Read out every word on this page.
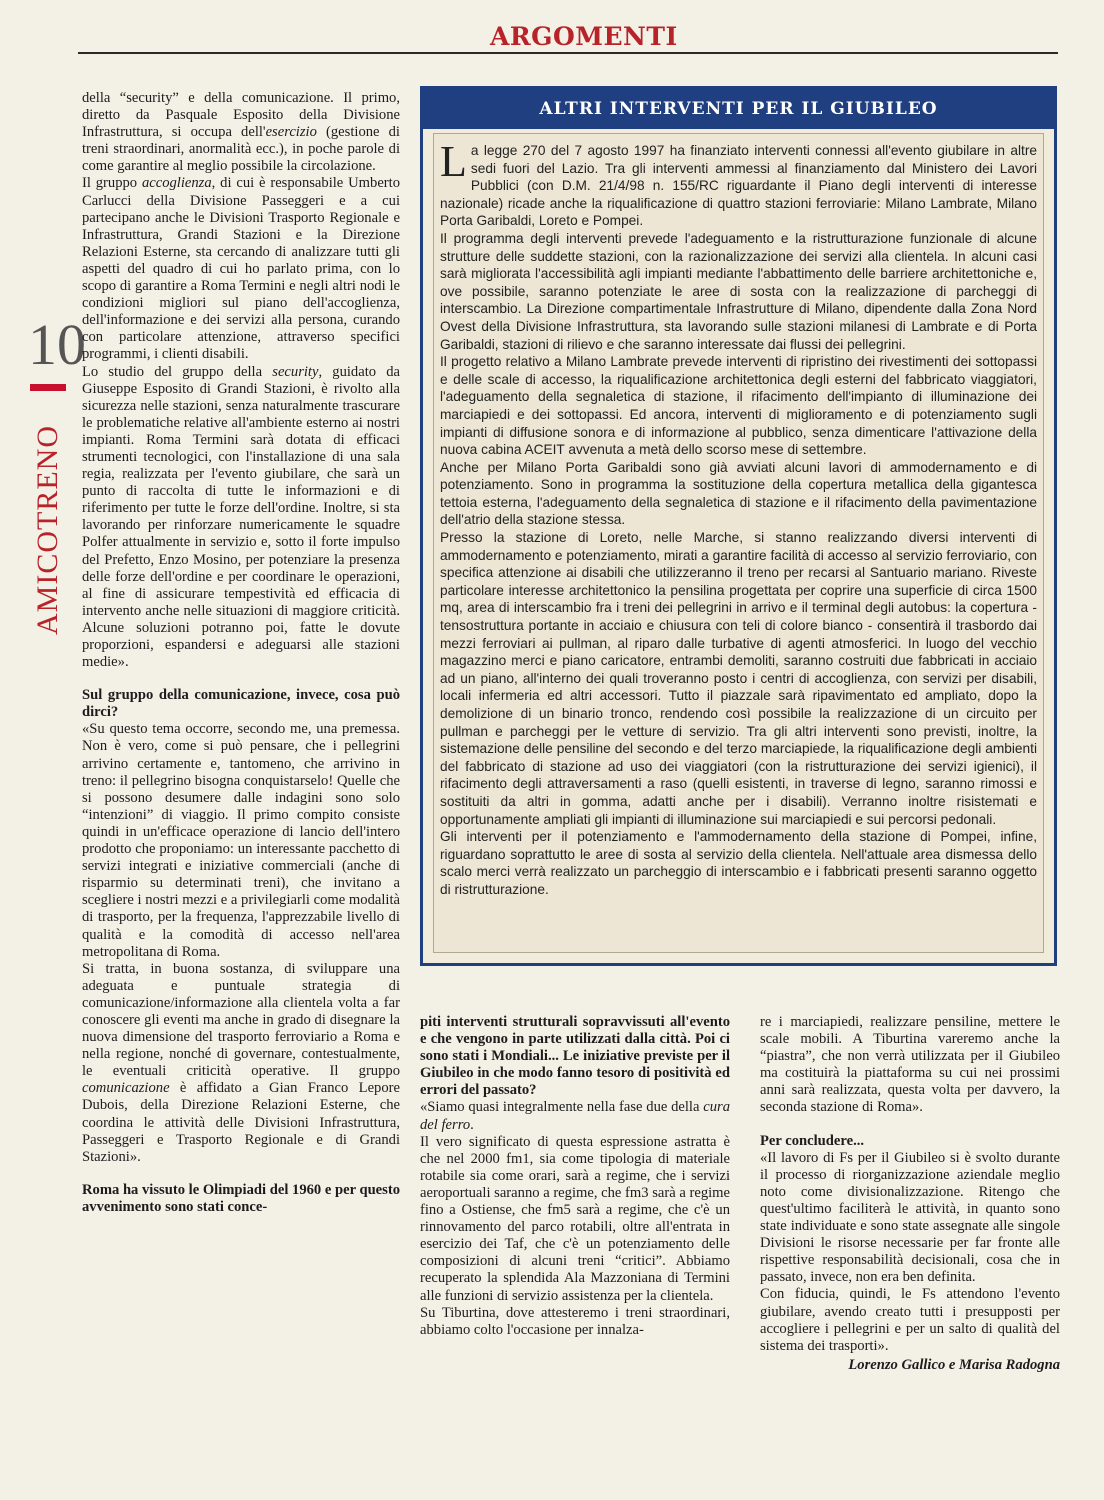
ARGOMENTI
10
AMICOTRENO

della “security” e della comunicazione. Il primo, diretto da Pasquale Esposito della Divisione Infrastruttura, si occupa dell'esercizio (gestione di treni straordinari, anormalità ecc.), in poche parole di come garantire al meglio possibile la circolazione.

Il gruppo accoglienza, di cui è responsabile Umberto Carlucci della Divisione Passeggeri e a cui partecipano anche le Divisioni Trasporto Regionale e Infrastruttura, Grandi Stazioni e la Direzione Relazioni Esterne, sta cercando di analizzare tutti gli aspetti del quadro di cui ho parlato prima, con lo scopo di garantire a Roma Termini e negli altri nodi le condizioni migliori sul piano dell'accoglienza, dell'informazione e dei servizi alla persona, curando con particolare attenzione, attraverso specifici programmi, i clienti disabili.

Lo studio del gruppo della security, guidato da Giuseppe Esposito di Grandi Stazioni, è rivolto alla sicurezza nelle stazioni, senza naturalmente trascurare le problematiche relative all'ambiente esterno ai nostri impianti. Roma Termini sarà dotata di efficaci strumenti tecnologici, con l'installazione di una sala regia, realizzata per l'evento giubilare, che sarà un punto di raccolta di tutte le informazioni e di riferimento per tutte le forze dell'ordine. Inoltre, si sta lavorando per rinforzare numericamente le squadre Polfer attualmente in servizio e, sotto il forte impulso del Prefetto, Enzo Mosino, per potenziare la presenza delle forze dell'ordine e per coordinare le operazioni, al fine di assicurare tempestività ed efficacia di intervento anche nelle situazioni di maggiore criticità. Alcune soluzioni potranno poi, fatte le dovute proporzioni, espandersi e adeguarsi alle stazioni medie».

Sul gruppo della comunicazione, invece, cosa può dirci?

«Su questo tema occorre, secondo me, una premessa. Non è vero, come si può pensare, che i pellegrini arrivino certamente e, tantomeno, che arrivino in treno: il pellegrino bisogna conquistarselo! Quelle che si possono desumere dalle indagini sono solo “intenzioni” di viaggio. Il primo compito consiste quindi in un'efficace operazione di lancio dell'intero prodotto che proponiamo: un interessante pacchetto di servizi integrati e iniziative commerciali (anche di risparmio su determinati treni), che invitano a scegliere i nostri mezzi e a privilegiarli come modalità di trasporto, per la frequenza, l'apprezzabile livello di qualità e la comodità di accesso nell'area metropolitana di Roma.

Si tratta, in buona sostanza, di sviluppare una adeguata e puntuale strategia di comunicazione/informazione alla clientela volta a far conoscere gli eventi ma anche in grado di disegnare la nuova dimensione del trasporto ferroviario a Roma e nella regione, nonché di governare, contestualmente, le eventuali criticità operative. Il gruppo comunicazione è affidato a Gian Franco Lepore Dubois, della Direzione Relazioni Esterne, che coordina le attività delle Divisioni Infrastruttura, Passeggeri e Trasporto Regionale e di Grandi Stazioni».

Roma ha vissuto le Olimpiadi del 1960 e per questo avvenimento sono stati conce-

ALTRI INTERVENTI PER IL GIUBILEO

La legge 270 del 7 agosto 1997 ha finanziato interventi connessi all'evento giubilare in altre sedi fuori del Lazio. Tra gli interventi ammessi al finanziamento dal Ministero dei Lavori Pubblici (con D.M. 21/4/98 n. 155/RC riguardante il Piano degli interventi di interesse nazionale) ricade anche la riqualificazione di quattro stazioni ferroviarie: Milano Lambrate, Milano Porta Garibaldi, Loreto e Pompei.

Il programma degli interventi prevede l'adeguamento e la ristrutturazione funzionale di alcune strutture delle suddette stazioni, con la razionalizzazione dei servizi alla clientela. In alcuni casi sarà migliorata l'accessibilità agli impianti mediante l'abbattimento delle barriere architettoniche e, ove possibile, saranno potenziate le aree di sosta con la realizzazione di parcheggi di interscambio. La Direzione compartimentale Infrastrutture di Milano, dipendente dalla Zona Nord Ovest della Divisione Infrastruttura, sta lavorando sulle stazioni milanesi di Lambrate e di Porta Garibaldi, stazioni di rilievo e che saranno interessate dai flussi dei pellegrini.

Il progetto relativo a Milano Lambrate prevede interventi di ripristino dei rivestimenti dei sottopassi e delle scale di accesso, la riqualificazione architettonica degli esterni del fabbricato viaggiatori, l'adeguamento della segnaletica di stazione, il rifacimento dell'impianto di illuminazione dei marciapiedi e dei sottopassi. Ed ancora, interventi di miglioramento e di potenziamento sugli impianti di diffusione sonora e di informazione al pubblico, senza dimenticare l'attivazione della nuova cabina ACEIT avvenuta a metà dello scorso mese di settembre.

Anche per Milano Porta Garibaldi sono già avviati alcuni lavori di ammodernamento e di potenziamento. Sono in programma la sostituzione della copertura metallica della gigantesca tettoia esterna, l'adeguamento della segnaletica di stazione e il rifacimento della pavimentazione dell'atrio della stazione stessa.

Presso la stazione di Loreto, nelle Marche, si stanno realizzando diversi interventi di ammodernamento e potenziamento, mirati a garantire facilità di accesso al servizio ferroviario, con specifica attenzione ai disabili che utilizzeranno il treno per recarsi al Santuario mariano. Riveste particolare interesse architettonico la pensilina progettata per coprire una superficie di circa 1500 mq, area di interscambio fra i treni dei pellegrini in arrivo e il terminal degli autobus: la copertura - tensostruttura portante in acciaio e chiusura con teli di colore bianco - consentirà il trasbordo dai mezzi ferroviari ai pullman, al riparo dalle turbative di agenti atmosferici. In luogo del vecchio magazzino merci e piano caricatore, entrambi demoliti, saranno costruiti due fabbricati in acciaio ad un piano, all'interno dei quali troveranno posto i centri di accoglienza, con servizi per disabili, locali infermeria ed altri accessori. Tutto il piazzale sarà ripavimentato ed ampliato, dopo la demolizione di un binario tronco, rendendo così possibile la realizzazione di un circuito per pullman e parcheggi per le vetture di servizio. Tra gli altri interventi sono previsti, inoltre, la sistemazione delle pensiline del secondo e del terzo marciapiede, la riqualificazione degli ambienti del fabbricato di stazione ad uso dei viaggiatori (con la ristrutturazione dei servizi igienici), il rifacimento degli attraversamenti a raso (quelli esistenti, in traverse di legno, saranno rimossi e sostituiti da altri in gomma, adatti anche per i disabili). Verranno inoltre risistemati e opportunamente ampliati gli impianti di illuminazione sui marciapiedi e sui percorsi pedonali.

Gli interventi per il potenziamento e l'ammodernamento della stazione di Pompei, infine, riguardano soprattutto le aree di sosta al servizio della clientela. Nell'attuale area dismessa dello scalo merci verrà realizzato un parcheggio di interscambio e i fabbricati presenti saranno oggetto di ristrutturazione.

piti interventi strutturali sopravvissuti all'evento e che vengono in parte utilizzati dalla città. Poi ci sono stati i Mondiali... Le iniziative previste per il Giubileo in che modo fanno tesoro di positività ed errori del passato?

«Siamo quasi integralmente nella fase due della cura del ferro.

Il vero significato di questa espressione astratta è che nel 2000 fm1, sia come tipologia di materiale rotabile sia come orari, sarà a regime, che i servizi aeroportuali saranno a regime, che fm3 sarà a regime fino a Ostiense, che fm5 sarà a regime, che c'è un rinnovamento del parco rotabili, oltre all'entrata in esercizio dei Taf, che c'è un potenziamento delle composizioni di alcuni treni “critici”. Abbiamo recuperato la splendida Ala Mazzoniana di Termini alle funzioni di servizio assistenza per la clientela.

Su Tiburtina, dove attesteremo i treni straordinari, abbiamo colto l'occasione per innalza-

re i marciapiedi, realizzare pensiline, mettere le scale mobili. A Tiburtina vareremo anche la “piastra”, che non verrà utilizzata per il Giubileo ma costituirà la piattaforma su cui nei prossimi anni sarà realizzata, questa volta per davvero, la seconda stazione di Roma».

Per concludere...

«Il lavoro di Fs per il Giubileo si è svolto durante il processo di riorganizzazione aziendale meglio noto come divisionalizzazione. Ritengo che quest'ultimo faciliterà le attività, in quanto sono state individuate e sono state assegnate alle singole Divisioni le risorse necessarie per far fronte alle rispettive responsabilità decisionali, cosa che in passato, invece, non era ben definita.

Con fiducia, quindi, le Fs attendono l'evento giubilare, avendo creato tutti i presupposti per accogliere i pellegrini e per un salto di qualità del sistema dei trasporti».

Lorenzo Gallico e Marisa Radogna
